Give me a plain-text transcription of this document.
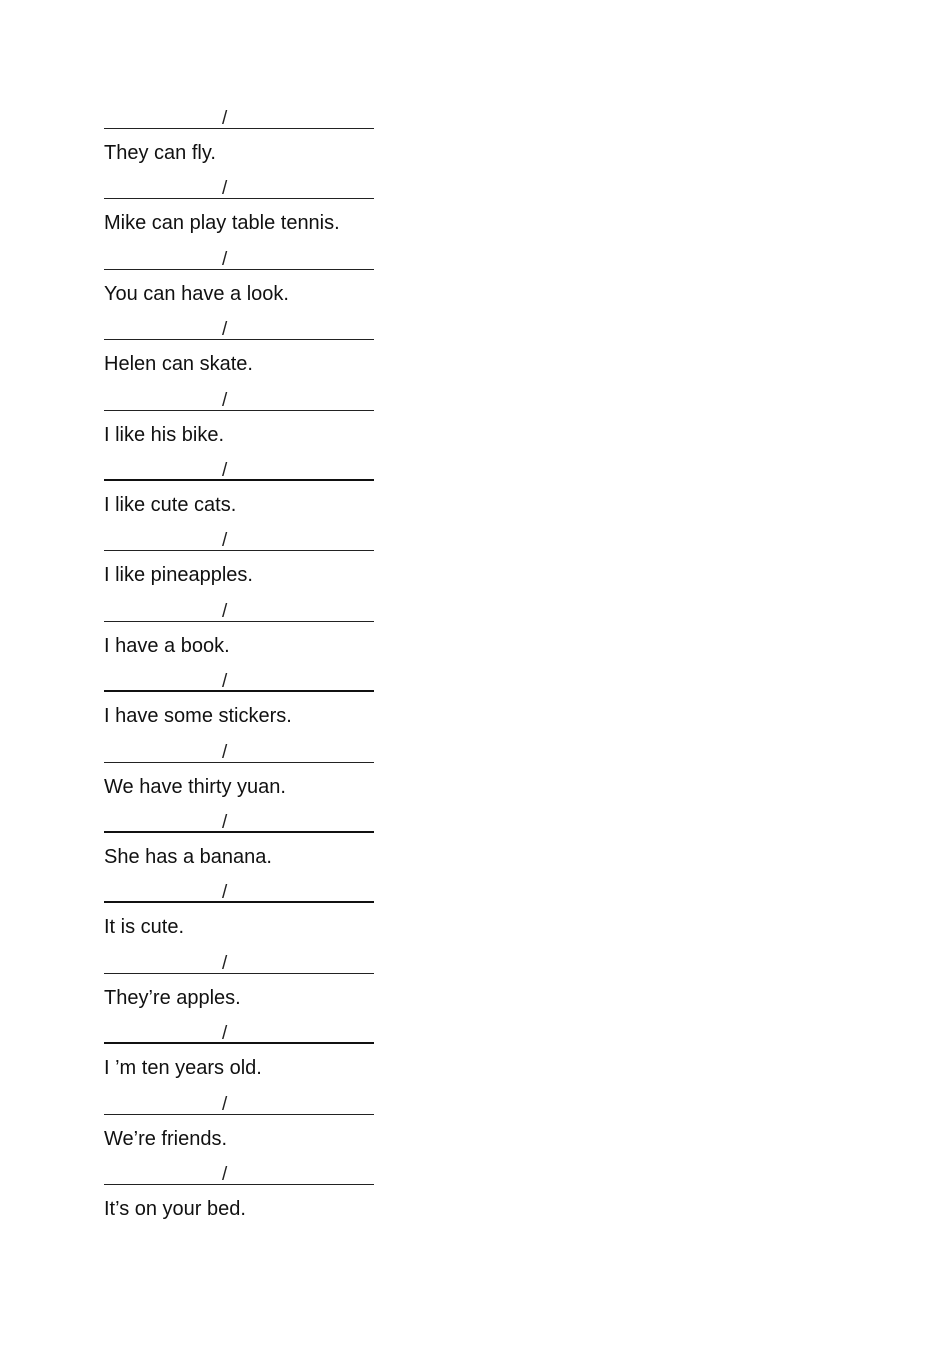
/
They can fly.
/
Mike can play table tennis.
/
You can have a look.
/
Helen can skate.
/
I like his bike.
/
I like cute cats.
/
I like pineapples.
/
I have a book.
/
I have some stickers.
/
We have thirty yuan.
/
She has a banana.
/
It is cute.
/
They’re apples.
/
I ’m ten years old.
/
We’re friends.
/
It’s on your bed.
